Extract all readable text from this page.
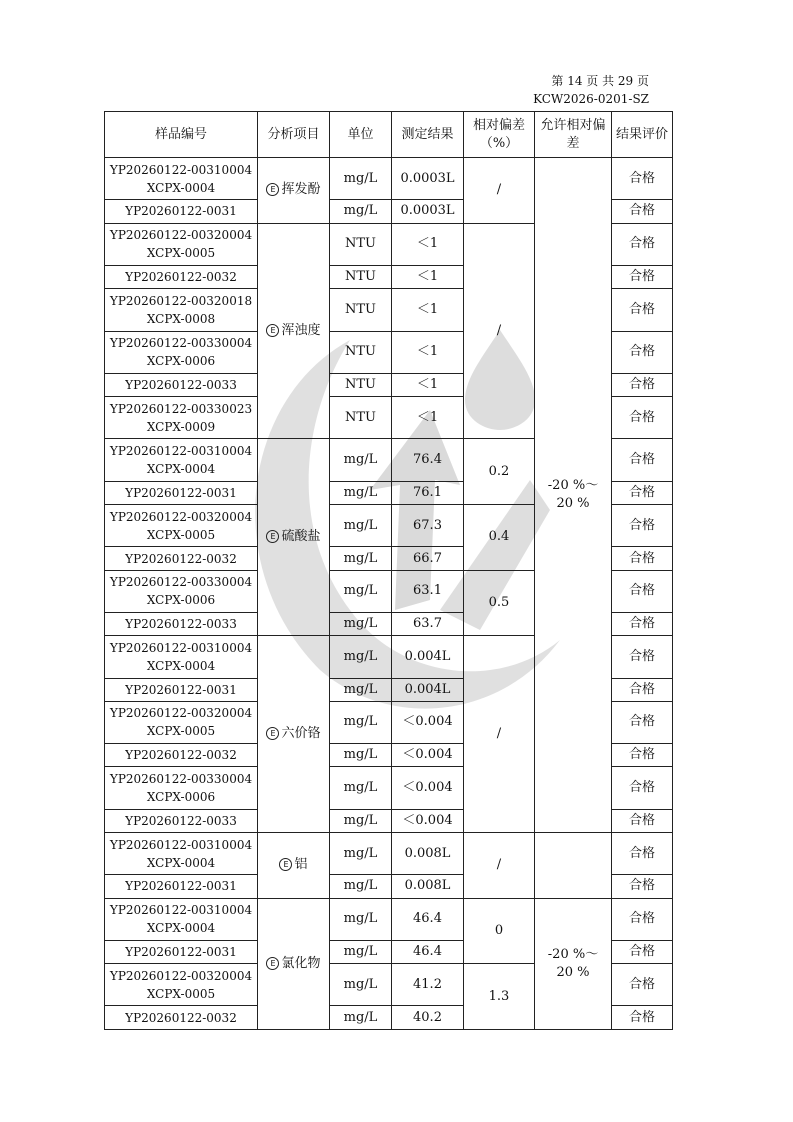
第 14 页 共 29 页
KCW2026-0201-SZ
样品编号	分析项目	单位	测定结果	相对偏差（%）	允许相对偏差	结果评价

YP20260122-00310004
XCPX-0004	E 挥发酚	mg/L	0.0003L	/	-20 %～20 %	合格

YP20260122-0031		mg/L	0.0003L			合格

YP20260122-00320004
XCPX-0005	E 浑浊度	NTU	＜1	/		合格

YP20260122-0032		NTU	＜1			合格

YP20260122-00320018
XCPX-0008		NTU	＜1			合格

YP20260122-00330004
XCPX-0006		NTU	＜1			合格

YP20260122-0033		NTU	＜1			合格

YP20260122-00330023
XCPX-0009		NTU	＜1			合格

YP20260122-00310004
XCPX-0004	E 硫酸盐	mg/L	76.4	0.2		合格

YP20260122-0031		mg/L	76.1			合格

YP20260122-00320004
XCPX-0005		mg/L	67.3	0.4		合格

YP20260122-0032		mg/L	66.7			合格

YP20260122-00330004
XCPX-0006		mg/L	63.1	0.5		合格

YP20260122-0033		mg/L	63.7			合格

YP20260122-00310004
XCPX-0004	E 六价铬	mg/L	0.004L	/		合格

YP20260122-0031		mg/L	0.004L			合格

YP20260122-00320004
XCPX-0005		mg/L	＜0.004			合格

YP20260122-0032		mg/L	＜0.004			合格

YP20260122-00330004
XCPX-0006		mg/L	＜0.004			合格

YP20260122-0033		mg/L	＜0.004			合格

YP20260122-00310004
XCPX-0004	E 铝	mg/L	0.008L	/		合格

YP20260122-0031		mg/L	0.008L			合格

YP20260122-00310004
XCPX-0004	E 氯化物	mg/L	46.4	0	-20 %～20 %	合格

YP20260122-0031		mg/L	46.4			合格

YP20260122-00320004
XCPX-0005		mg/L	41.2	1.3		合格

YP20260122-0032		mg/L	40.2			合格
